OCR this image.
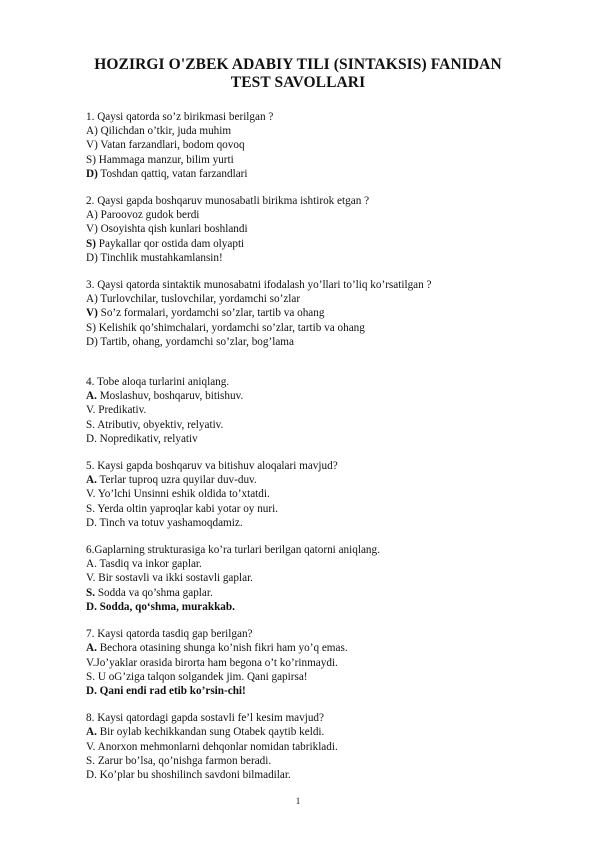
HOZIRGI O'ZBEK ADABIY TILI (SINTAKSIS) FANIDAN
TEST SAVOLLARI
1. Qaysi qatorda so’z birikmasi berilgan ?
A) Qilichdan o’tkir, juda muhim
V) Vatan farzandlari, bodom qovoq
S) Hammaga manzur, bilim yurti
D) Toshdan qattiq, vatan farzandlari
2. Qaysi gapda boshqaruv munosabatli birikma ishtirok etgan ?
A) Paroovoz gudok berdi
V) Osoyishta qish kunlari boshlandi
S) Paykallar qor ostida dam olyapti
D) Tinchlik mustahkamlansin!
3. Qaysi qatorda sintaktik munosabatni ifodalash yo’llari to’liq ko’rsatilgan ?
A) Turlovchilar, tuslovchilar, yordamchi so’zlar
V) So’z formalari, yordamchi so’zlar, tartib va ohang
S) Kelishik qo’shimchalari, yordamchi so’zlar, tartib va ohang
D) Tartib, ohang, yordamchi so’zlar, bog’lama
4. Tobe aloqa turlarini aniqlang.
A. Moslashuv, boshqaruv, bitishuv.
V. Predikativ.
S. Atributiv, obyektiv, relyativ.
D. Nopredikativ, relyativ
5. Kaysi gapda boshqaruv va bitishuv aloqalari mavjud?
A. Terlar tuproq uzra quyilar duv-duv.
V. Yo’lchi Unsinni eshik oldida to’xtatdi.
S. Yerda oltin yaproqlar kabi yotar oy nuri.
D. Tinch va totuv yashamoqdamiz.
6.Gaplarning strukturasiga ko’ra turlari berilgan qatorni aniqlang.
A. Tasdiq va inkor gaplar.
V. Bir sostavli va ikki sostavli gaplar.
S. Sodda va qo’shma gaplar.
D. Sodda, qo‘shma, murakkab.
7. Kaysi qatorda tasdiq gap berilgan?
A. Bechora otasining shunga ko’nish fikri ham yo’q emas.
V.Jo’yaklar orasida birorta ham begona o’t ko’rinmaydi.
S. U oG’ziga talqon solgandek jim. Qani gapirsa!
D. Qani endi rad etib ko’rsin-chi!
8. Kaysi qatordagi gapda sostavli fe’l kesim mavjud?
A. Bir oylab kechikkandan sung Otabek qaytib keldi.
V. Anorxon mehmonlarni dehqonlar nomidan tabrikladi.
S. Zarur bo’lsa, qo’nishga farmon beradi.
D. Ko’plar bu shoshilinch savdoni bilmadilar.
1
